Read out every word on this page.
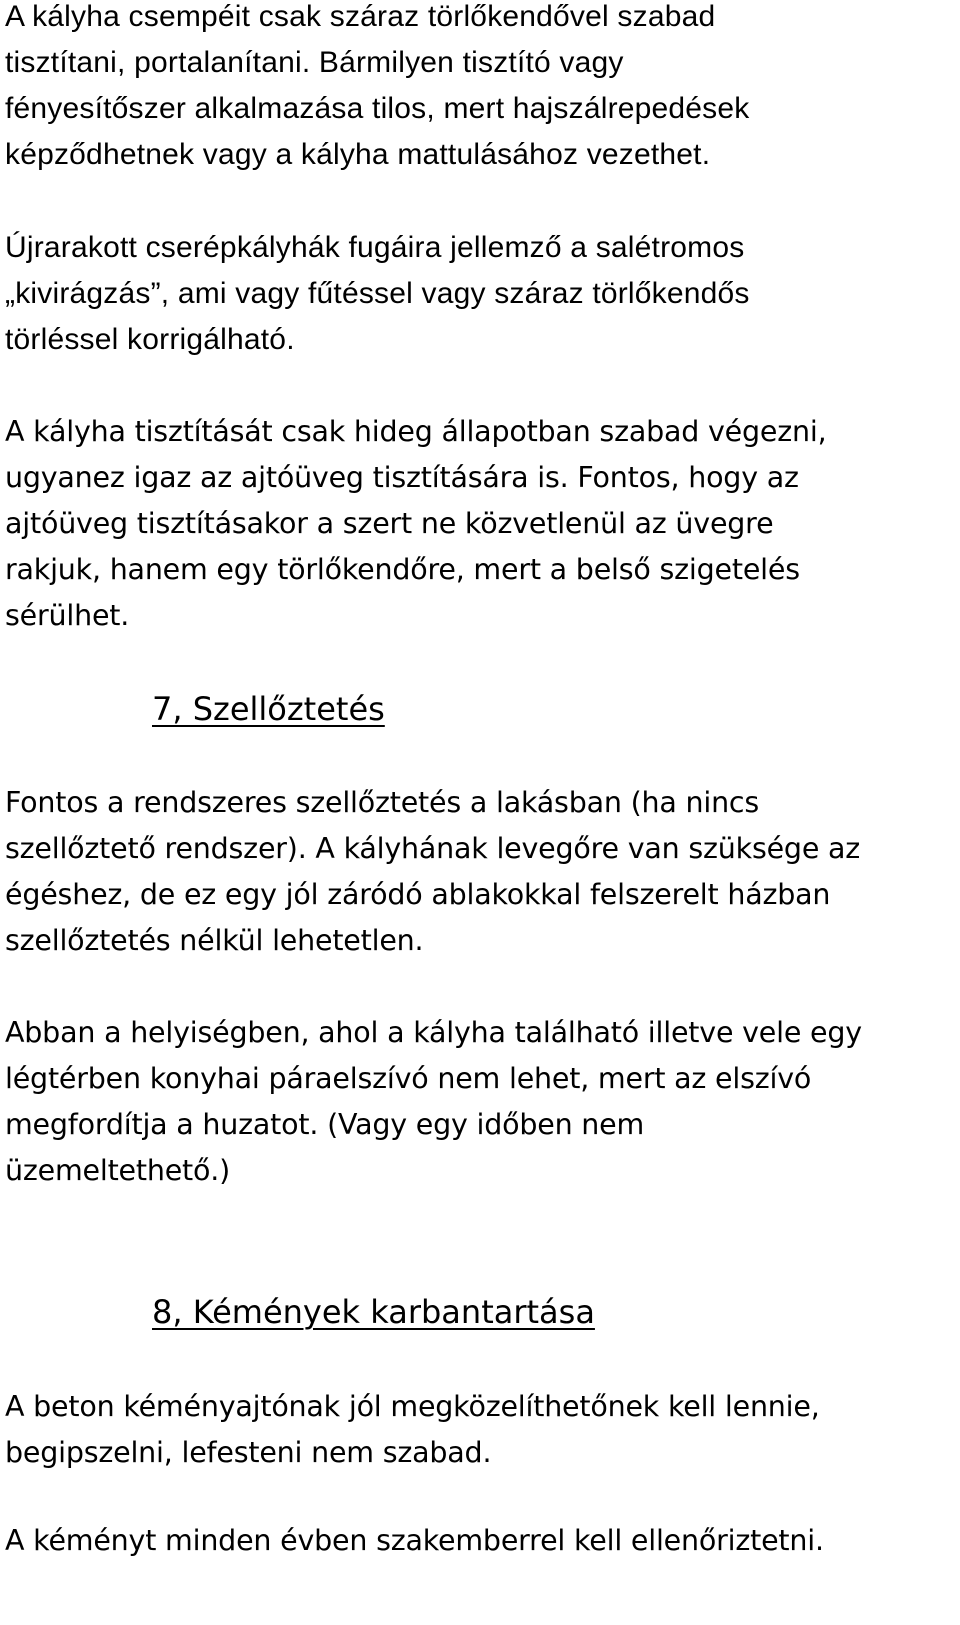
A kályha csempéit csak száraz törlőkendővel szabad
tisztítani, portalanítani. Bármilyen tisztító vagy
fényesítőszer alkalmazása tilos, mert hajszálrepedések
képződhetnek vagy a kályha mattulásához vezethet.
Újrarakott cserépkályhák fugáira jellemző a salétromos
„kivirágzás”, ami vagy fűtéssel vagy száraz törlőkendős
törléssel korrigálható.
A kályha tisztítását csak hideg állapotban szabad végezni,
ugyanez igaz az ajtóüveg tisztítására is. Fontos, hogy az
ajtóüveg tisztításakor a szert ne közvetlenül az üvegre
rakjuk, hanem egy törlőkendőre, mert a belső szigetelés
sérülhet.
7, Szellőztetés
Fontos a rendszeres szellőztetés a lakásban (ha nincs
szellőztető rendszer). A kályhának levegőre van szüksége az
égéshez, de ez egy jól záródó ablakokkal felszerelt házban
szellőztetés nélkül lehetetlen.
Abban a helyiségben, ahol a kályha található illetve vele egy
légtérben konyhai páraelszívó nem lehet, mert az elszívó
megfordítja a huzatot. (Vagy egy időben nem
üzemeltethető.)
8, Kémények karbantartása
A beton kéményajtónak jól megközelíthetőnek kell lennie,
begipszelni, lefesteni nem szabad.
A kéményt minden évben szakemberrel kell ellenőriztetni.
